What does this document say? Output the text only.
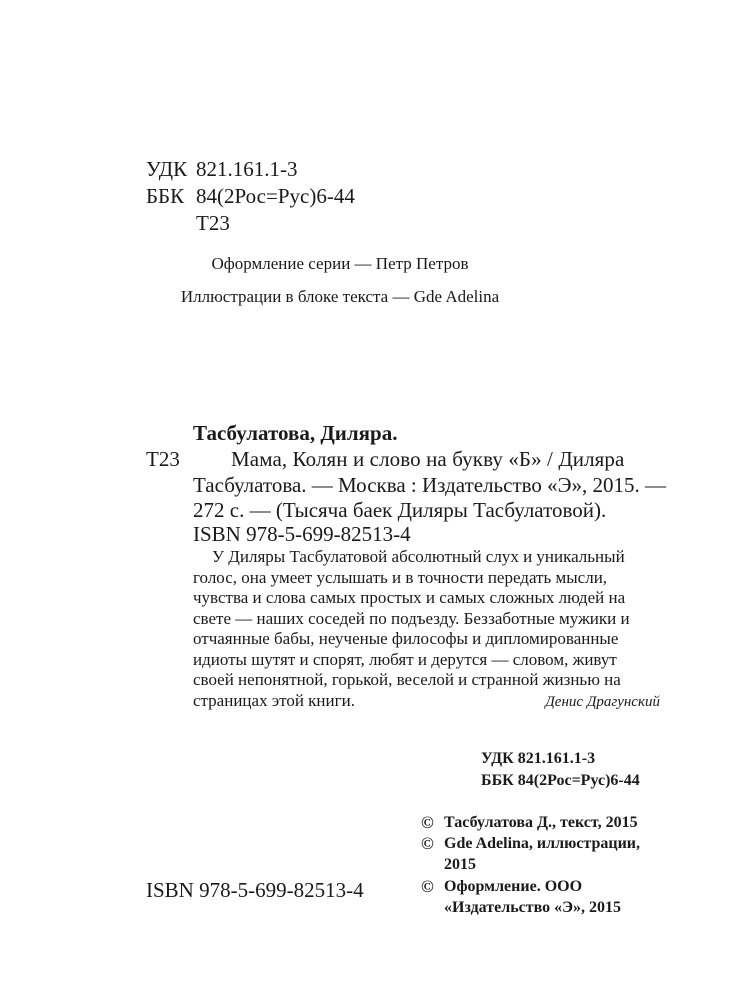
УДК 821.161.1-3
ББК 84(2Рос=Рус)6-44
Т23
Оформление серии — Петр Петров
Иллюстрации в блоке текста — Gde Adelina
Тасбулатова, Диляра.
Т23 Мама, Колян и слово на букву «Б» / Диляра
Тасбулатова. — Москва : Издательство «Э», 2015. —
272 с. — (Тысяча баек Диляры Тасбулатовой).
ISBN 978-5-699-82513-4
У Диляры Тасбулатовой абсолютный слух и уникальный
голос, она умеет услышать и в точности передать мысли,
чувства и слова самых простых и самых сложных людей на
свете — наших соседей по подъезду. Беззаботные мужики и
отчаянные бабы, неученые философы и дипломированные
идиоты шутят и спорят, любят и дерутся — словом, живут
своей непонятной, горькой, веселой и странной жизнью на
страницах этой книги.	Денис Драгунский
УДК 821.161.1-3
ББК 84(2Рос=Рус)6-44
© Тасбулатова Д., текст, 2015
© Gde Adelina, иллюстрации,
2015
© Оформление. ООО
«Издательство «Э», 2015
ISBN 978-5-699-82513-4
